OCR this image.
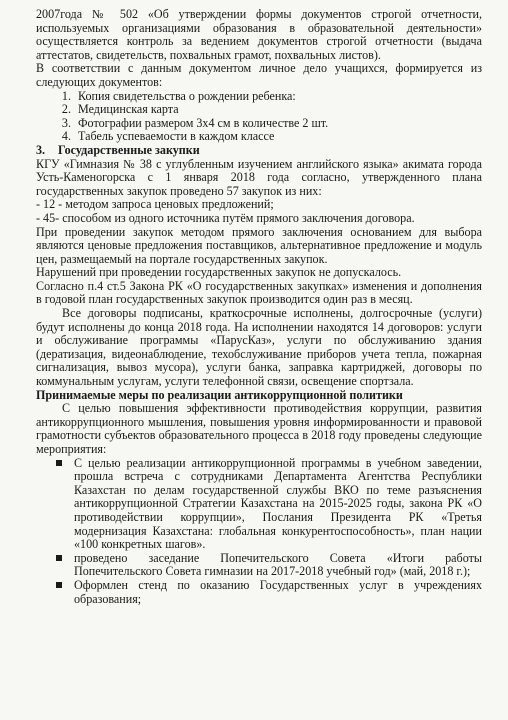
2007года № 502 «Об утверждении формы документов строгой отчетности, используемых организациями образования в образовательной деятельности» осуществляется контроль за ведением документов строгой отчетности (выдача аттестатов, свидетельств, похвальных грамот, похвальных листов).

В соответствии с данным документом личное дело учащихся, формируется из следующих документов:

1. Копия свидетельства о рождении ребенка:
2. Медицинская карта
3. Фотографии размером 3х4 см в количестве 2 шт.
4. Табель успеваемости в каждом классе

3. Государственные закупки

КГУ «Гимназия № 38 с углубленным изучением английского языка» акимата города Усть-Каменогорска с 1 января 2018 года согласно, утвержденного плана государственных закупок проведено 57 закупок из них:

- 12 - методом запроса ценовых предложений;

- 45- способом из одного источника путём прямого заключения договора.

При проведении закупок методом прямого заключения основанием для выбора являются ценовые предложения поставщиков, альтернативное предложение и модуль цен, размещаемый на портале государственных закупок.

Нарушений при проведении государственных закупок не допускалось.

Согласно п.4 ст.5 Закона РК «О государственных закупках» изменения и дополнения в годовой план государственных закупок производится один раз в месяц.

Все договоры подписаны, краткосрочные исполнены, долгосрочные (услуги) будут исполнены до конца 2018 года. На исполнении находятся 14 договоров: услуги и обслуживание программы «ПарусКаз», услуги по обслуживанию здания (дератизация, видеонаблюдение, техобслуживание приборов учета тепла, пожарная сигнализация, вывоз мусора), услуги банка, заправка картриджей, договоры по коммунальным услугам, услуги телефонной связи, освещение спортзала.

Принимаемые меры по реализации антикоррупционной политики

С целью повышения эффективности противодействия коррупции, развития антикоррупционного мышления, повышения уровня информированности и правовой грамотности субъектов образовательного процесса в 2018 году проведены следующие мероприятия:

С целью реализации антикоррупционной программы в учебном заведении, прошла встреча с сотрудниками Департамента Агентства Республики Казахстан по делам государственной службы ВКО по теме разъяснения антикоррупционной Стратегии Казахстана на 2015-2025 годы, закона РК «О противодействии коррупции», Послания Президента РК «Третья модернизация Казахстана: глобальная конкурентоспособность», план нации «100 конкретных шагов».
проведено заседание Попечительского Совета «Итоги работы Попечительского Совета гимназии на 2017-2018 учебный год» (май, 2018 г.);
Оформлен стенд по оказанию Государственных услуг в учреждениях образования;
